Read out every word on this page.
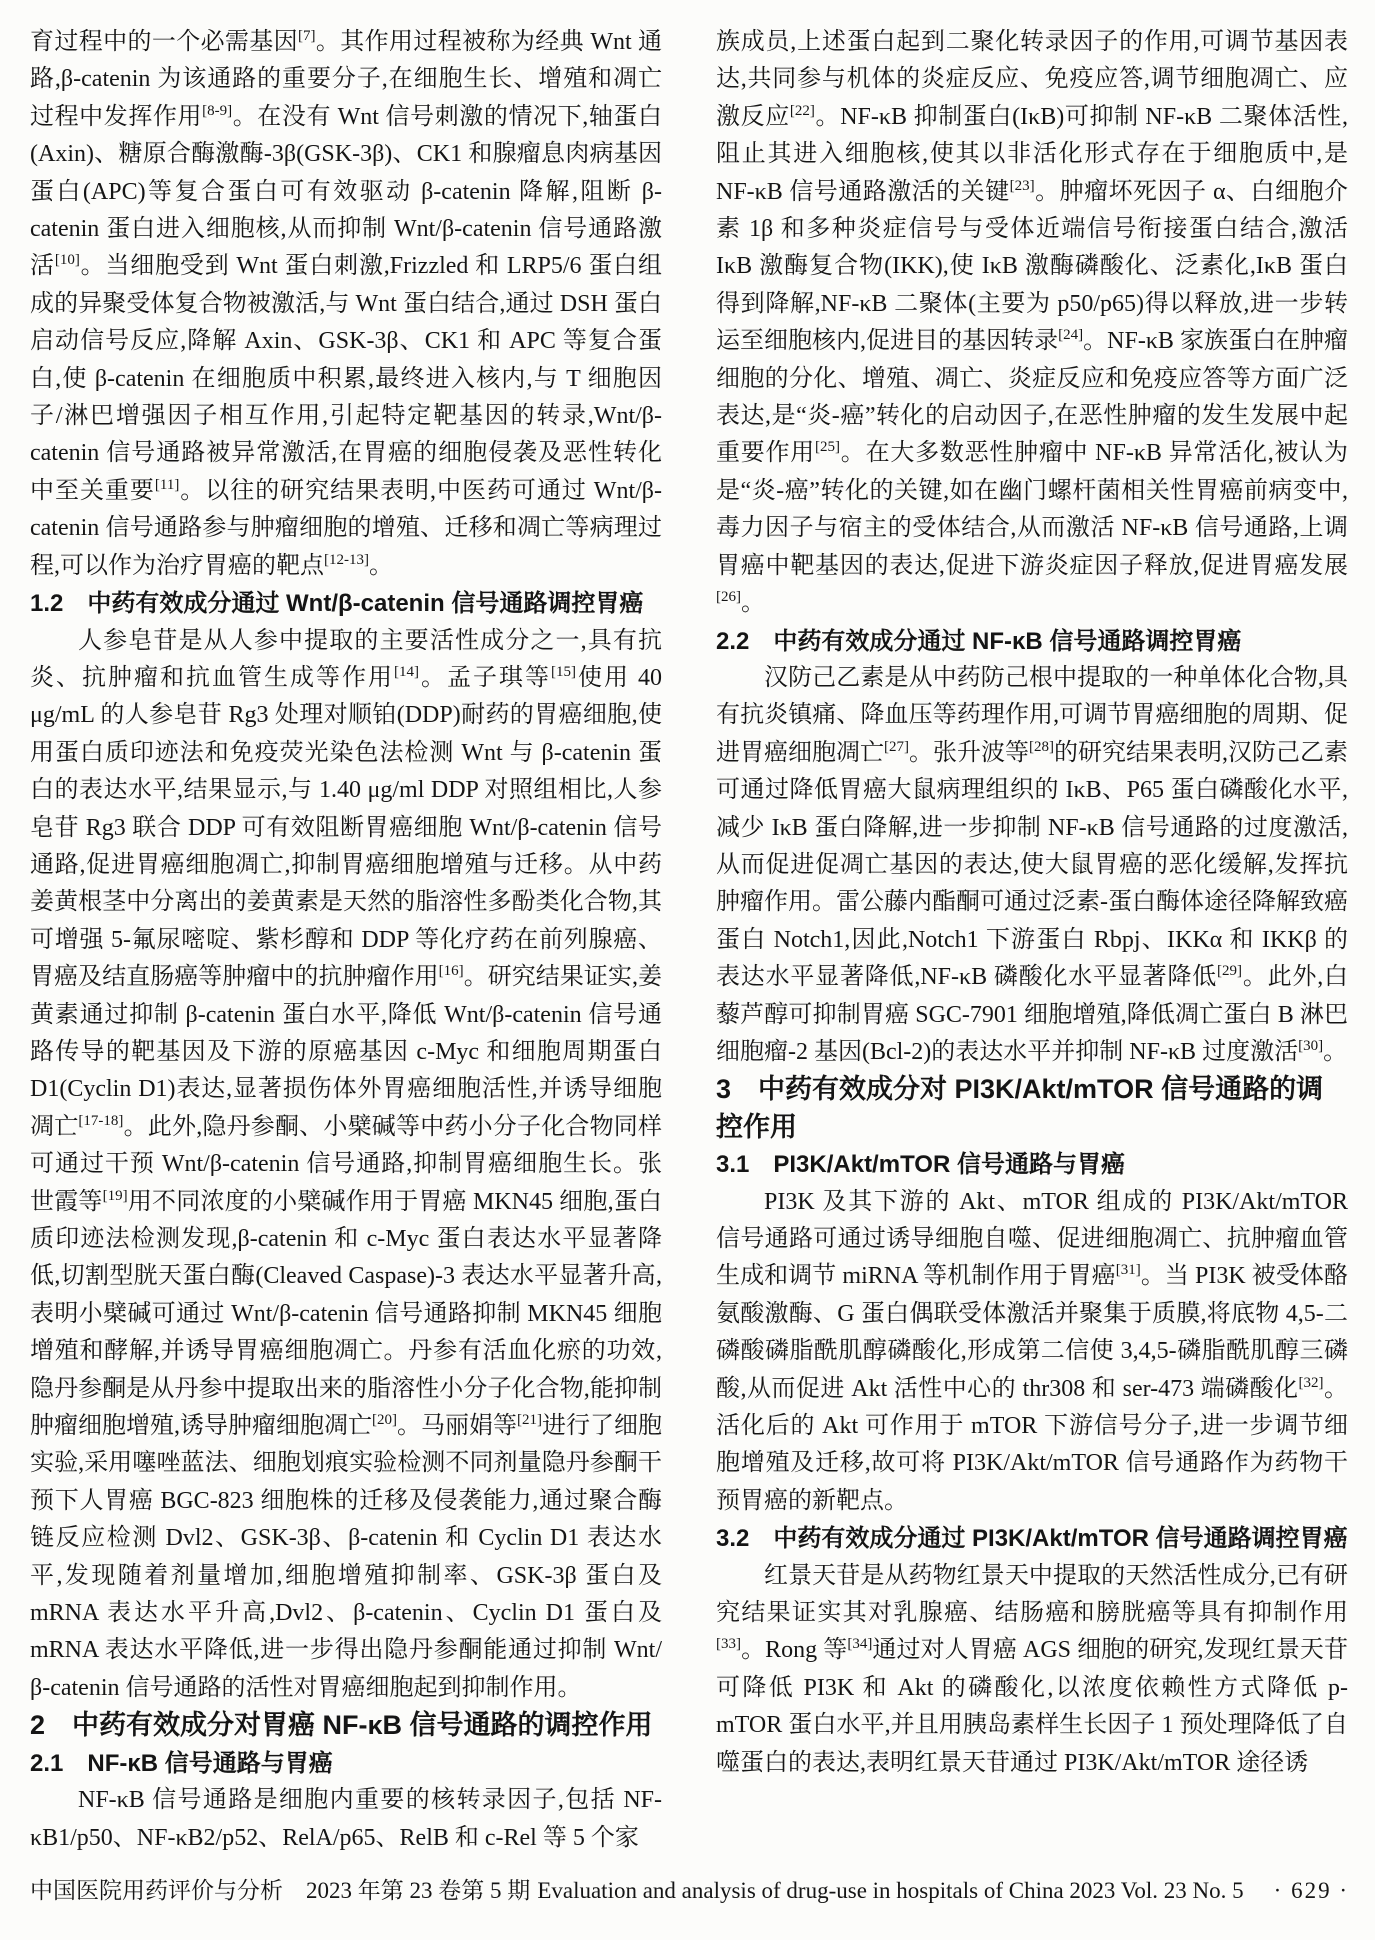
育过程中的一个必需基因[7]。其作用过程被称为经典 Wnt 通路,β-catenin 为该通路的重要分子,在细胞生长、增殖和凋亡过程中发挥作用[8-9]。在没有 Wnt 信号刺激的情况下,轴蛋白(Axin)、糖原合酶激酶-3β(GSK-3β)、CK1 和腺瘤息肉病基因蛋白(APC)等复合蛋白可有效驱动 β-catenin 降解,阻断 β-catenin 蛋白进入细胞核,从而抑制 Wnt/β-catenin 信号通路激活[10]。当细胞受到 Wnt 蛋白刺激,Frizzled 和 LRP5/6 蛋白组成的异聚受体复合物被激活,与 Wnt 蛋白结合,通过 DSH 蛋白启动信号反应,降解 Axin、GSK-3β、CK1 和 APC 等复合蛋白,使 β-catenin 在细胞质中积累,最终进入核内,与 T 细胞因子/淋巴增强因子相互作用,引起特定靶基因的转录,Wnt/β-catenin 信号通路被异常激活,在胃癌的细胞侵袭及恶性转化中至关重要[11]。以往的研究结果表明,中医药可通过 Wnt/β-catenin 信号通路参与肿瘤细胞的增殖、迁移和凋亡等病理过程,可以作为治疗胃癌的靶点[12-13]。
1.2　中药有效成分通过 Wnt/β-catenin 信号通路调控胃癌
人参皂苷是从人参中提取的主要活性成分之一,具有抗炎、抗肿瘤和抗血管生成等作用[14]。孟子琪等[15]使用 40 μg/mL 的人参皂苷 Rg3 处理对顺铂(DDP)耐药的胃癌细胞,使用蛋白质印迹法和免疫荧光染色法检测 Wnt 与 β-catenin 蛋白的表达水平,结果显示,与 1.40 μg/ml DDP 对照组相比,人参皂苷 Rg3 联合 DDP 可有效阻断胃癌细胞 Wnt/β-catenin 信号通路,促进胃癌细胞凋亡,抑制胃癌细胞增殖与迁移。从中药姜黄根茎中分离出的姜黄素是天然的脂溶性多酚类化合物,其可增强 5-氟尿嘧啶、紫杉醇和 DDP 等化疗药在前列腺癌、胃癌及结直肠癌等肿瘤中的抗肿瘤作用[16]。研究结果证实,姜黄素通过抑制 β-catenin 蛋白水平,降低 Wnt/β-catenin 信号通路传导的靶基因及下游的原癌基因 c-Myc 和细胞周期蛋白 D1(Cyclin D1)表达,显著损伤体外胃癌细胞活性,并诱导细胞凋亡[17-18]。此外,隐丹参酮、小檗碱等中药小分子化合物同样可通过干预 Wnt/β-catenin 信号通路,抑制胃癌细胞生长。张世霞等[19]用不同浓度的小檗碱作用于胃癌 MKN45 细胞,蛋白质印迹法检测发现,β-catenin 和 c-Myc 蛋白表达水平显著降低,切割型胱天蛋白酶(Cleaved Caspase)-3 表达水平显著升高,表明小檗碱可通过 Wnt/β-catenin 信号通路抑制 MKN45 细胞增殖和酵解,并诱导胃癌细胞凋亡。丹参有活血化瘀的功效,隐丹参酮是从丹参中提取出来的脂溶性小分子化合物,能抑制肿瘤细胞增殖,诱导肿瘤细胞凋亡[20]。马丽娟等[21]进行了细胞实验,采用噻唑蓝法、细胞划痕实验检测不同剂量隐丹参酮干预下人胃癌 BGC-823 细胞株的迁移及侵袭能力,通过聚合酶链反应检测 Dvl2、GSK-3β、β-catenin 和 Cyclin D1 表达水平,发现随着剂量增加,细胞增殖抑制率、GSK-3β 蛋白及 mRNA 表达水平升高,Dvl2、β-catenin、Cyclin D1 蛋白及 mRNA 表达水平降低,进一步得出隐丹参酮能通过抑制 Wnt/β-catenin 信号通路的活性对胃癌细胞起到抑制作用。
2　中药有效成分对胃癌 NF-κB 信号通路的调控作用
2.1　NF-κB 信号通路与胃癌
NF-κB 信号通路是细胞内重要的核转录因子,包括 NF-κB1/p50、NF-κB2/p52、RelA/p65、RelB 和 c-Rel 等 5 个家
族成员,上述蛋白起到二聚化转录因子的作用,可调节基因表达,共同参与机体的炎症反应、免疫应答,调节细胞凋亡、应激反应[22]。NF-κB 抑制蛋白(IκB)可抑制 NF-κB 二聚体活性,阻止其进入细胞核,使其以非活化形式存在于细胞质中,是 NF-κB 信号通路激活的关键[23]。肿瘤坏死因子 α、白细胞介素 1β 和多种炎症信号与受体近端信号衔接蛋白结合,激活 IκB 激酶复合物(IKK),使 IκB 激酶磷酸化、泛素化,IκB 蛋白得到降解,NF-κB 二聚体(主要为 p50/p65)得以释放,进一步转运至细胞核内,促进目的基因转录[24]。NF-κB 家族蛋白在肿瘤细胞的分化、增殖、凋亡、炎症反应和免疫应答等方面广泛表达,是“炎-癌”转化的启动因子,在恶性肿瘤的发生发展中起重要作用[25]。在大多数恶性肿瘤中 NF-κB 异常活化,被认为是“炎-癌”转化的关键,如在幽门螺杆菌相关性胃癌前病变中,毒力因子与宿主的受体结合,从而激活 NF-κB 信号通路,上调胃癌中靶基因的表达,促进下游炎症因子释放,促进胃癌发展[26]。
2.2　中药有效成分通过 NF-κB 信号通路调控胃癌
汉防己乙素是从中药防己根中提取的一种单体化合物,具有抗炎镇痛、降血压等药理作用,可调节胃癌细胞的周期、促进胃癌细胞凋亡[27]。张升波等[28]的研究结果表明,汉防己乙素可通过降低胃癌大鼠病理组织的 IκB、P65 蛋白磷酸化水平,减少 IκB 蛋白降解,进一步抑制 NF-κB 信号通路的过度激活,从而促进促凋亡基因的表达,使大鼠胃癌的恶化缓解,发挥抗肿瘤作用。雷公藤内酯酮可通过泛素-蛋白酶体途径降解致癌蛋白 Notch1,因此,Notch1 下游蛋白 Rbpj、IKKα 和 IKKβ 的表达水平显著降低,NF-κB 磷酸化水平显著降低[29]。此外,白藜芦醇可抑制胃癌 SGC-7901 细胞增殖,降低凋亡蛋白 B 淋巴细胞瘤-2 基因(Bcl-2)的表达水平并抑制 NF-κB 过度激活[30]。
3　中药有效成分对 PI3K/Akt/mTOR 信号通路的调控作用
3.1　PI3K/Akt/mTOR 信号通路与胃癌
PI3K 及其下游的 Akt、mTOR 组成的 PI3K/Akt/mTOR 信号通路可通过诱导细胞自噬、促进细胞凋亡、抗肿瘤血管生成和调节 miRNA 等机制作用于胃癌[31]。当 PI3K 被受体酪氨酸激酶、G 蛋白偶联受体激活并聚集于质膜,将底物 4,5-二磷酸磷脂酰肌醇磷酸化,形成第二信使 3,4,5-磷脂酰肌醇三磷酸,从而促进 Akt 活性中心的 thr308 和 ser-473 端磷酸化[32]。活化后的 Akt 可作用于 mTOR 下游信号分子,进一步调节细胞增殖及迁移,故可将 PI3K/Akt/mTOR 信号通路作为药物干预胃癌的新靶点。
3.2　中药有效成分通过 PI3K/Akt/mTOR 信号通路调控胃癌
红景天苷是从药物红景天中提取的天然活性成分,已有研究结果证实其对乳腺癌、结肠癌和膀胱癌等具有抑制作用[33]。Rong 等[34]通过对人胃癌 AGS 细胞的研究,发现红景天苷可降低 PI3K 和 Akt 的磷酸化,以浓度依赖性方式降低 p-mTOR 蛋白水平,并且用胰岛素样生长因子 1 预处理降低了自噬蛋白的表达,表明红景天苷通过 PI3K/Akt/mTOR 途径诱
中国医院用药评价与分析　2023 年第 23 卷第 5 期 Evaluation and analysis of drug-use in hospitals of China 2023 Vol. 23 No. 5 · 629 ·
